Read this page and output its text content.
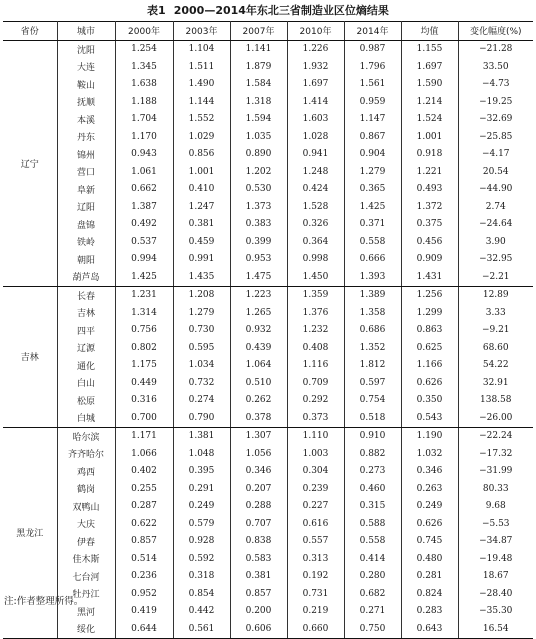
表1 2000—2014年东北三省制造业区位熵结果
省份	城市	2000年	2003年	2007年	2010年	2014年	均值	变化幅度(%)
辽宁	沈阳	1.254	1.104	1.141	1.226	0.987	1.155	−21.28
	大连	1.345	1.511	1.879	1.932	1.796	1.697	33.50
	鞍山	1.638	1.490	1.584	1.697	1.561	1.590	−4.73
	抚顺	1.188	1.144	1.318	1.414	0.959	1.214	−19.25
	本溪	1.704	1.552	1.594	1.603	1.147	1.524	−32.69
	丹东	1.170	1.029	1.035	1.028	0.867	1.001	−25.85
	锦州	0.943	0.856	0.890	0.941	0.904	0.918	−4.17
	营口	1.061	1.001	1.202	1.248	1.279	1.221	20.54
	阜新	0.662	0.410	0.530	0.424	0.365	0.493	−44.90
	辽阳	1.387	1.247	1.373	1.528	1.425	1.372	2.74
	盘锦	0.492	0.381	0.383	0.326	0.371	0.375	−24.64
	铁岭	0.537	0.459	0.399	0.364	0.558	0.456	3.90
	朝阳	0.994	0.991	0.953	0.998	0.666	0.909	−32.95
	葫芦岛	1.425	1.435	1.475	1.450	1.393	1.431	−2.21
吉林	长春	1.231	1.208	1.223	1.359	1.389	1.256	12.89
	吉林	1.314	1.279	1.265	1.376	1.358	1.299	3.33
	四平	0.756	0.730	0.932	1.232	0.686	0.863	−9.21
	辽源	0.802	0.595	0.439	0.408	1.352	0.625	68.60
	通化	1.175	1.034	1.064	1.116	1.812	1.166	54.22
	白山	0.449	0.732	0.510	0.709	0.597	0.626	32.91
	松原	0.316	0.274	0.262	0.292	0.754	0.350	138.58
	白城	0.700	0.790	0.378	0.373	0.518	0.543	−26.00
黑龙江	哈尔滨	1.171	1.381	1.307	1.110	0.910	1.190	−22.24
	齐齐哈尔	1.066	1.048	1.056	1.003	0.882	1.032	−17.32
	鸡西	0.402	0.395	0.346	0.304	0.273	0.346	−31.99
	鹤岗	0.255	0.291	0.207	0.239	0.460	0.263	80.33
	双鸭山	0.287	0.249	0.288	0.227	0.315	0.249	9.68
	大庆	0.622	0.579	0.707	0.616	0.588	0.626	−5.53
	伊春	0.857	0.928	0.838	0.557	0.558	0.745	−34.87
	佳木斯	0.514	0.592	0.583	0.313	0.414	0.480	−19.48
	七台河	0.236	0.318	0.381	0.192	0.280	0.281	18.67
	牡丹江	0.952	0.854	0.857	0.731	0.682	0.824	−28.40
	黑河	0.419	0.442	0.200	0.219	0.271	0.283	−35.30
	绥化	0.644	0.561	0.606	0.660	0.750	0.643	16.54
注:作者整理所得。
